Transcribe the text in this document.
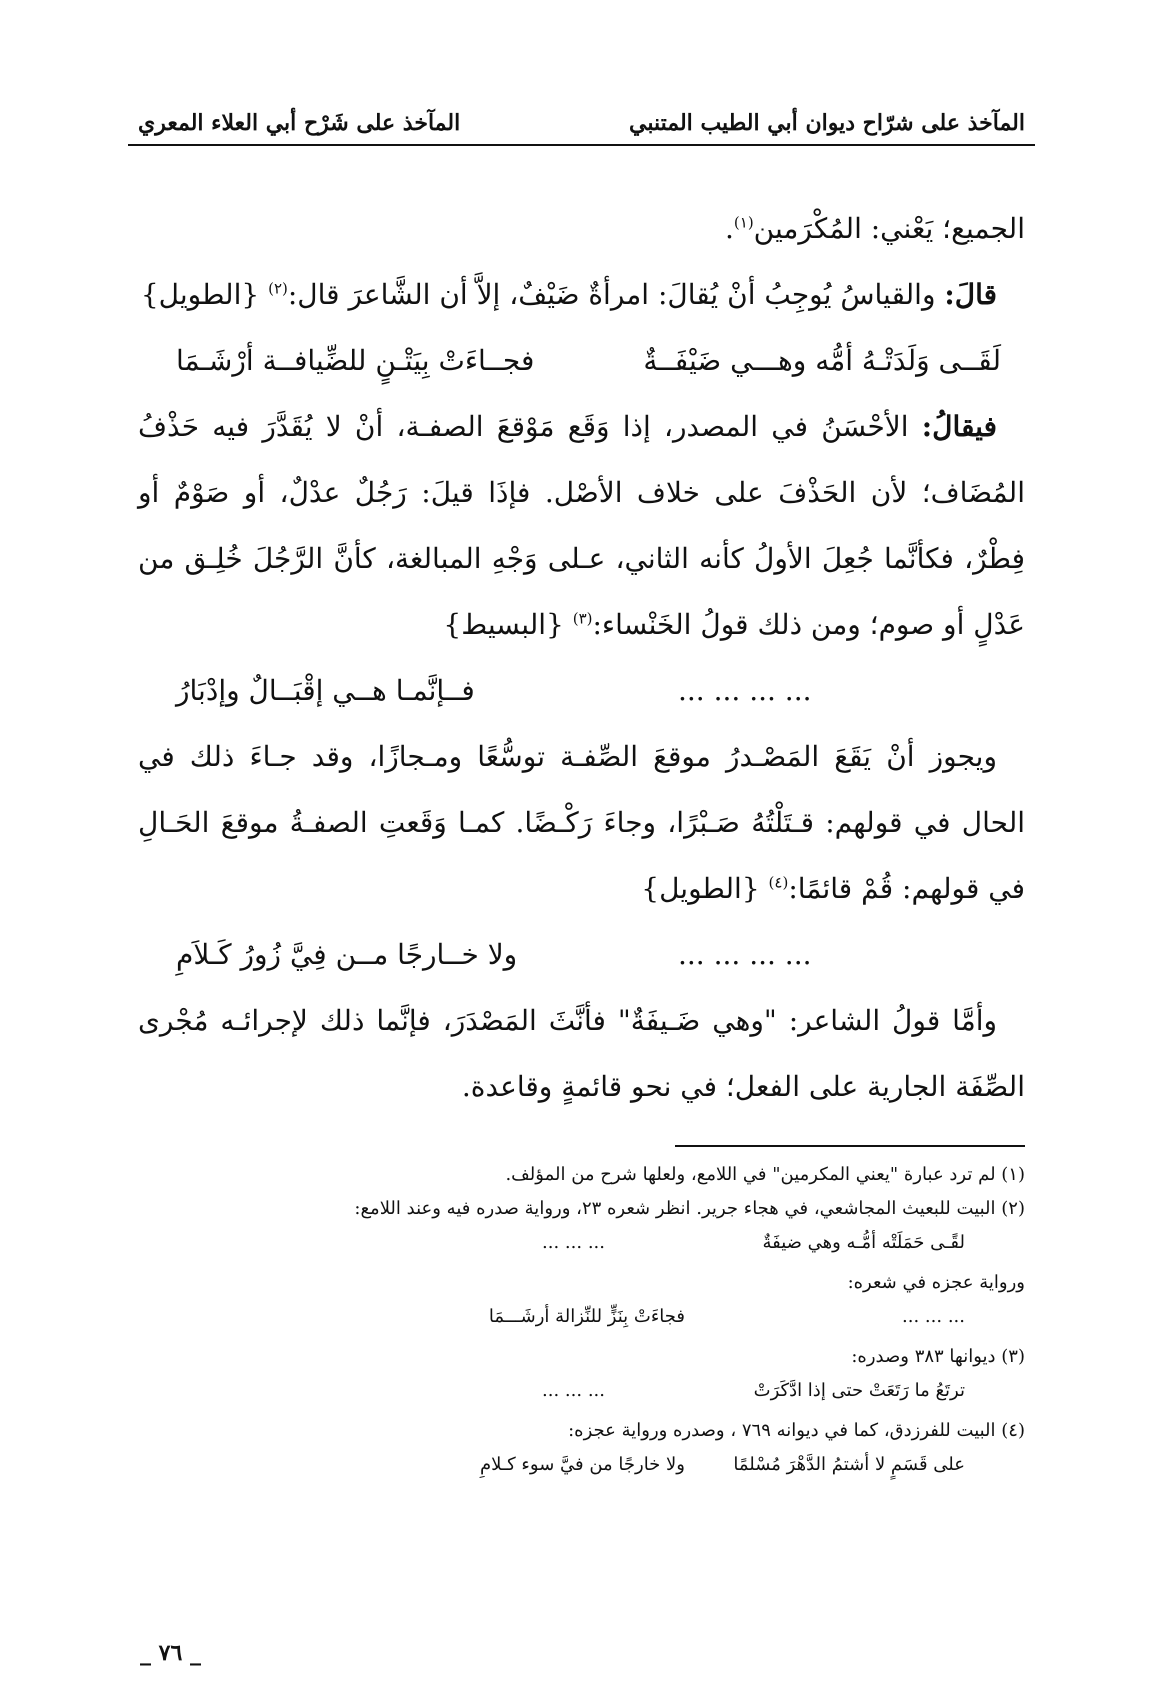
المآخذ على شرّاح ديوان أبي الطيب المتنبي
المآخذ على شَرْح أبي العلاء المعري

الجميع؛ يَعْني: المُكْرَمين$^{(١)}$.

قالَ: والقياسُ يُوجِبُ أنْ يُقالَ: امرأةٌ ضَيْفٌ، إلاَّ أن الشَّاعرَ قال:$^{(٢)}$ {الطويل}

لَقَــى وَلَدَتْـهُ أمُّه وهـــي ضَيْفَــةٌ
فجــاءَتْ بِيَتْـنٍ للضِّيافــة أرْشَـمَا

فيقالُ: الأحْسَنُ في المصدر، إذا وَقَع مَوْقعَ الصفـة، أنْ لا يُقَدَّرَ فيه حَذْفُ المُضَاف؛ لأن الحَذْفَ على خلاف الأصْل. فإذَا قيلَ: رَجُلٌ عدْلٌ، أو صَوْمٌ أو فِطْرٌ، فكأنَّما جُعِلَ الأولُ كأنه الثاني، عـلى وَجْهِ المبالغة، كأنَّ الرَّجُلَ خُلِـق من عَدْلٍ أو صوم؛ ومن ذلك قولُ الخَنْساء:$^{(٣)}$ {البسيط}

... ... ... ...
فــإنَّمـا هــي إقْبَــالٌ وإدْبَارُ

ويجوز أنْ يَقَعَ المَصْـدرُ موقعَ الصِّفـة توسُّعًا ومـجازًا، وقد جـاءَ ذلك في الحال في قولهم: قـتَلْتُهُ صَـبْرًا، وجاءَ رَكْـضًا. كمـا وَقَعتِ الصفـةُ موقعَ الحَـالِ في قولهم: قُمْ قائمًا:$^{(٤)}$ {الطويل}

... ... ... ...
ولا خــارجًا مــن فِيَّ زُورُ كَـلاَمِ

وأمَّا قولُ الشاعر: "وهي ضَـيفَةٌ" فأنَّثَ المَصْدَرَ، فإنَّما ذلك لإجرائـه مُجْرى الصِّفَة الجارية على الفعل؛ في نحو قائمةٍ وقاعدة.

(١) لم ترد عبارة "يعني المكرمين" في اللامع، ولعلها شرح من المؤلف.

(٢) البيت للبعيث المجاشعي، في هجاء جرير. انظر شعره ٢٣، ورواية صدره فيه وعند اللامع:

لقًـى حَمَلَتْه أمُّـه وهي ضيفَةٌ
... ... ...

ورواية عجزه في شعره:

... ... ...
فجاءَتْ بِنَزٍّ للنِّزالة أرشَـــمَا

(٣) ديوانها ٣٨٣ وصدره:

ترتَعُ ما رَتَعَتْ حتى إذا ادَّكَرَتْ
... ... ...

(٤) البيت للفرزدق، كما في ديوانه ٧٦٩ ، وصدره ورواية عجزه:

على قَسَمٍ لا أشتمُ الدَّهْرَ مُسْلمًا
ولا خارجًا من فيَّ سوء كـلامِ
_ ٧٦ _
